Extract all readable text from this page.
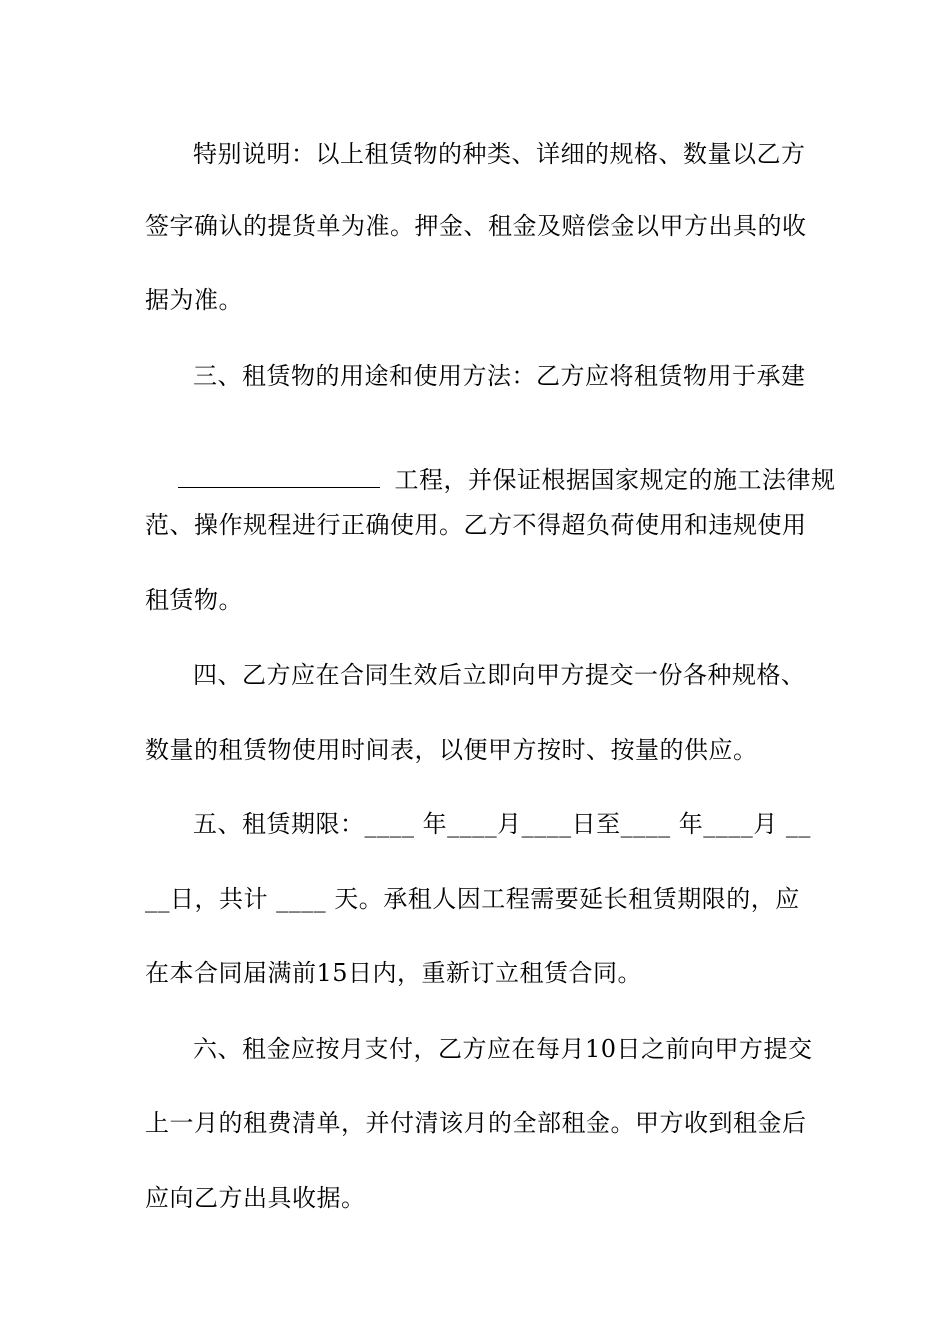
特别说明：以上租赁物的种类、详细的规格、数量以乙方
签字确认的提货单为准。押金、租金及赔偿金以甲方出具的收
据为准。
三、租赁物的用途和使用方法：乙方应将租赁物用于承建

工程，并保证根据国家规定的施工法律规

范、操作规程进行正确使用。乙方不得超负荷使用和违规使用
租赁物。
四、乙方应在合同生效后立即向甲方提交一份各种规格、
数量的租赁物使用时间表，以便甲方按时、按量的供应。
五、租赁期限：____ 年____月____日至____ 年____月 __
__日，共计 ____ 天。承租人因工程需要延长租赁期限的，应
在本合同届满前15日内，重新订立租赁合同。
六、租金应按月支付，乙方应在每月10日之前向甲方提交
上一月的租费清单，并付清该月的全部租金。甲方收到租金后
应向乙方出具收据。
